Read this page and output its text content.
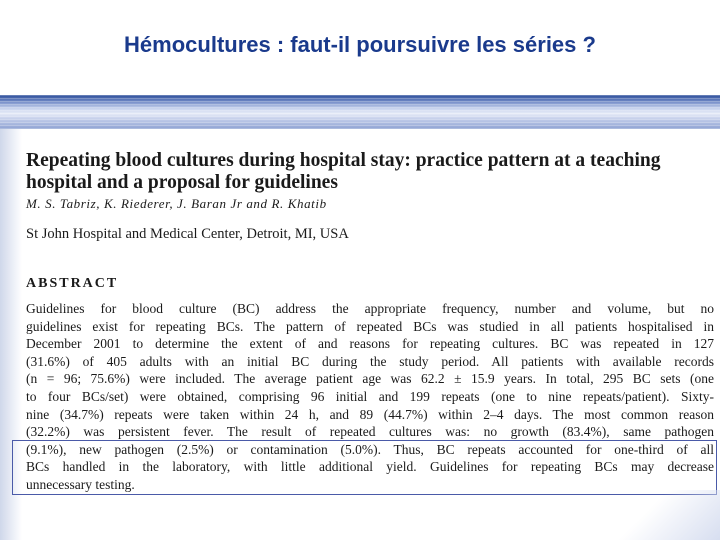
Hémocultures : faut-il poursuivre les séries ?

Repeating blood cultures during hospital stay: practice pattern at a teaching hospital and a proposal for guidelines

M. S. Tabriz, K. Riederer, J. Baran Jr and R. Khatib
St John Hospital and Medical Center, Detroit, MI, USA
ABSTRACT
Guidelines for blood culture (BC) address the appropriate frequency, number and volume, but no
guidelines exist for repeating BCs. The pattern of repeated BCs was studied in all patients hospitalised in
December 2001 to determine the extent of and reasons for repeating cultures. BC was repeated in 127
(31.6%) of 405 adults with an initial BC during the study period. All patients with available records
(n = 96; 75.6%) were included. The average patient age was 62.2 ± 15.9 years. In total, 295 BC sets (one
to four BCs/set) were obtained, comprising 96 initial and 199 repeats (one to nine repeats/patient). Sixty-
nine (34.7%) repeats were taken within 24 h, and 89 (44.7%) within 2–4 days. The most common reason
(32.2%) was persistent fever. The result of repeated cultures was: no growth (83.4%), same pathogen
(9.1%), new pathogen (2.5%) or contamination (5.0%). Thus, BC repeats accounted for one-third of all
BCs handled in the laboratory, with little additional yield. Guidelines for repeating BCs may decrease
unnecessary testing.
